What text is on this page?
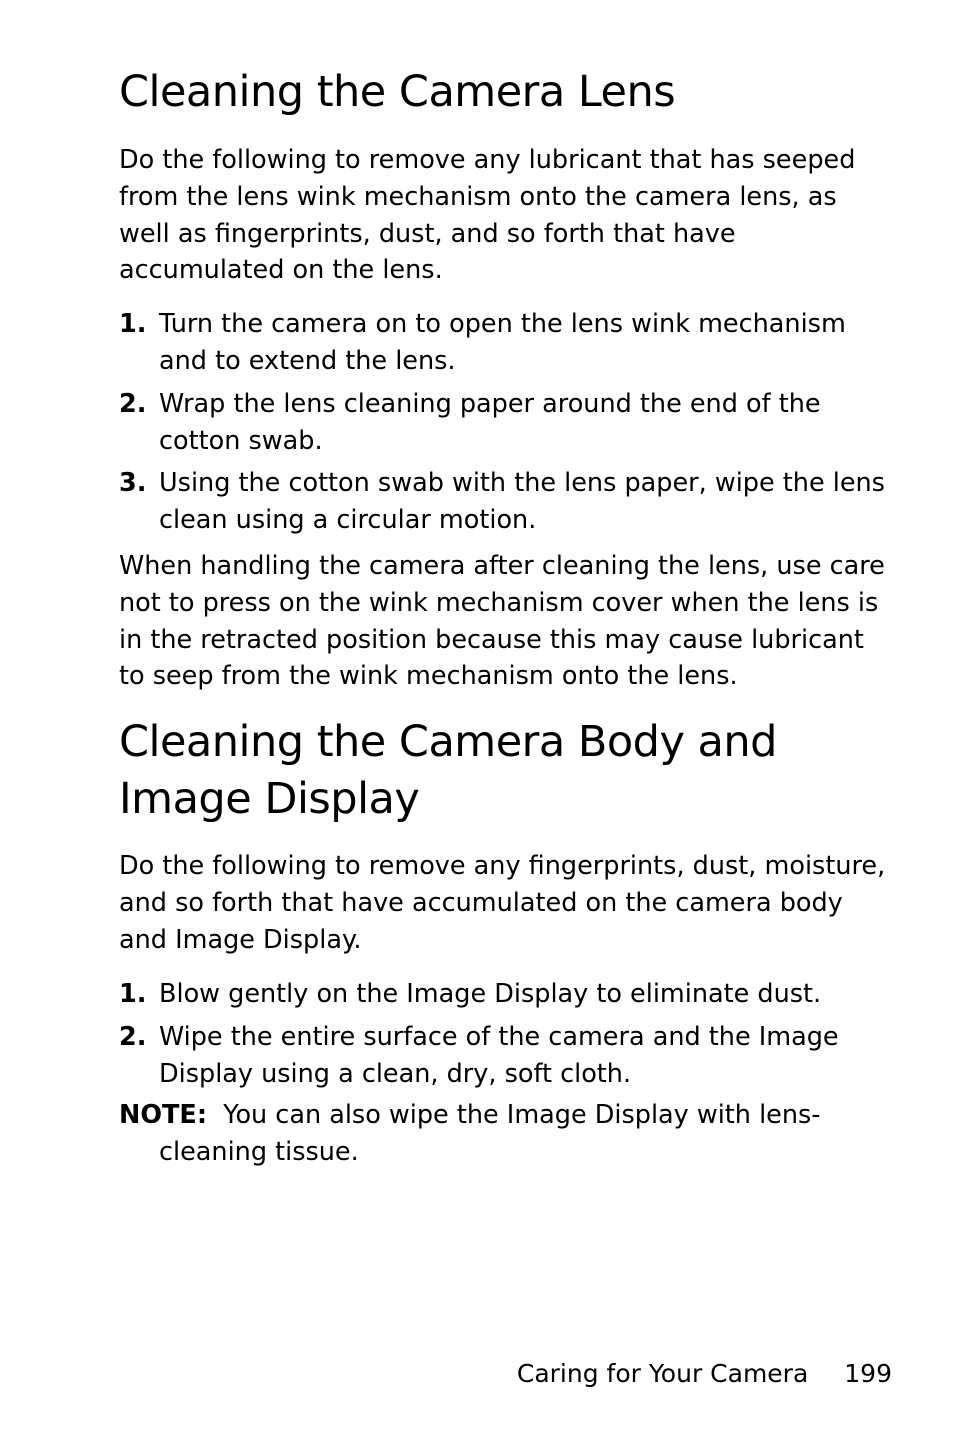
Cleaning the Camera Lens

Do the following to remove any lubricant that has seeped from the lens wink mechanism onto the camera lens, as well as fingerprints, dust, and so forth that have accumulated on the lens.

1. Turn the camera on to open the lens wink mechanism and to extend the lens.
2. Wrap the lens cleaning paper around the end of the cotton swab.
3. Using the cotton swab with the lens paper, wipe the lens clean using a circular motion.

When handling the camera after cleaning the lens, use care not to press on the wink mechanism cover when the lens is in the retracted position because this may cause lubricant to seep from the wink mechanism onto the lens.

Cleaning the Camera Body and Image Display

Do the following to remove any fingerprints, dust, moisture, and so forth that have accumulated on the camera body and Image Display.

1. Blow gently on the Image Display to eliminate dust.
2. Wipe the entire surface of the camera and the Image Display using a clean, dry, soft cloth.
NOTE: You can also wipe the Image Display with lens-cleaning tissue.
Caring for Your Camera 199
